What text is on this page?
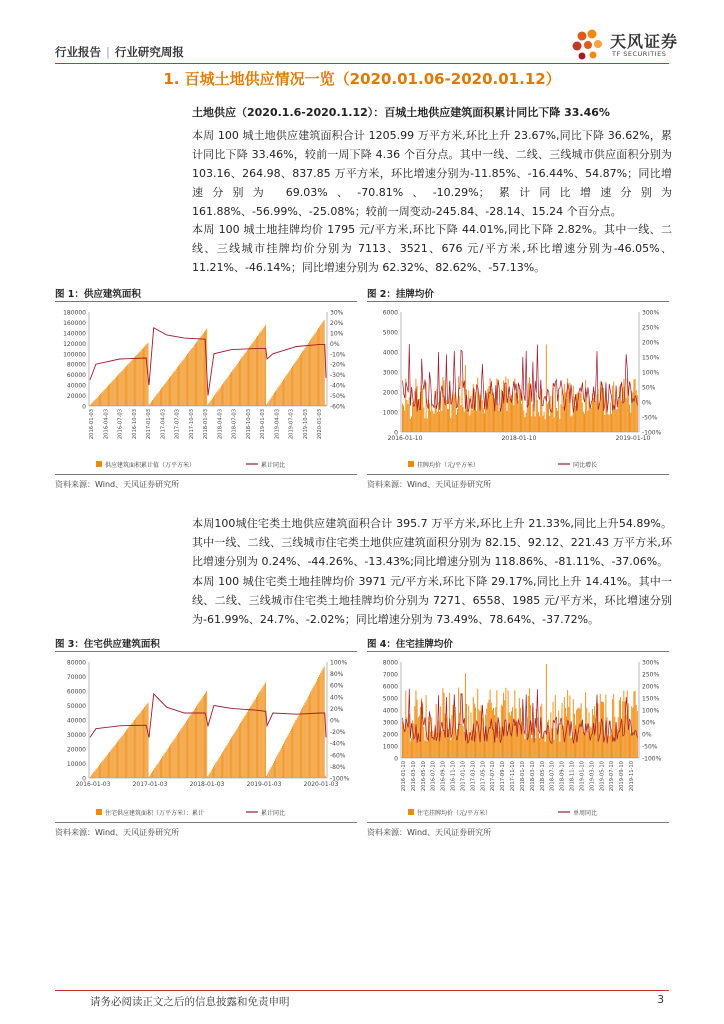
行业报告 | 行业研究周报
天风证券
TF SECURITIES
1. 百城土地供应情况一览（2020.01.06-2020.01.12）
土地供应（2020.1.6-2020.1.12）：百城土地供应建筑面积累计同比下降 33.46%
本周 100 城土地供应建筑面积合计 1205.99 万平方米,环比上升 23.67%,同比下降 36.62%，累计同比下降 33.46%，较前一周下降 4.36 个百分点。其中一线、二线、三线城市供应面积分别为 103.16、264.98、837.85 万平方米，环比增速分别为-11.85%、-16.44%、54.87%；同比增速分别为 69.03%、-70.81%、-10.29%；累计同比增速分别为 161.88%、-56.99%、-25.08%；较前一周变动-245.84、-28.14、15.24 个百分点。
本周 100 城土地挂牌均价 1795 元/平方米,环比下降 44.01%,同比下降 2.82%。其中一线、二线、三线城市挂牌均价分别为 7113、3521、676 元/平方米,环比增速分别为-46.05%、11.21%、-46.14%；同比增速分别为 62.32%、82.62%、-57.13%。
图 1：供应建筑面积
180000
160000
140000
120000
100000
80000
60000
40000
20000
0
30%
20%
10%
0%
-10%
-20%
-30%
-40%
-50%
-60%
2016-01-03 2016-04-03 2016-07-03 2016-10-03 2017-01-03 2017-04-03 2017-07-03 2017-10-03 2018-01-03 2018-04-03 2018-07-03 2018-10-03 2019-01-03 2019-04-03 2019-07-03 2019-10-03 2020-01-03
供应建筑面积累计值（万平方米）	累计同比
资料来源：Wind、天风证券研究所
图 2：挂牌均价
6000
5000
4000
3000
2000
1000
0
300%
250%
200%
150%
100%
50%
0%
-50%
-100%
2016-01-10	2018-01-10	2019-01-10
挂牌均价（元/平方米）	同比增长
资料来源：Wind、天风证券研究所
本周100城住宅类土地供应建筑面积合计 395.7 万平方米,环比上升 21.33%,同比上升54.89%。其中一线、二线、三线城市住宅类土地供应建筑面积分别为 82.15、92.12、221.43 万平方米,环比增速分别为 0.24%、-44.26%、-13.43%;同比增速分别为 118.86%、-81.11%、-37.06%。
本周 100 城住宅类土地挂牌均价 3971 元/平方米,环比下降 29.17%,同比上升 14.41%。其中一线、二线、三线城市住宅类土地挂牌均价分别为 7271、6558、1985 元/平方米，环比增速分别为-61.99%、24.7%、-2.02%；同比增速分别为 73.49%、78.64%、-37.72%。
图 3：住宅供应建筑面积
80000
70000
60000
50000
40000
30000
20000
10000
0
100%
80%
60%
40%
20%
0%
-20%
-40%
-60%
-80%
-100%
2016-01-03	2017-01-03	2018-01-03	2019-01-03	2020-01-03
住宅供应建筑面积（万平方米）：累计	累计同比
资料来源：Wind、天风证券研究所
图 4：住宅挂牌均价
8000
7000
6000
5000
4000
3000
2000
1000
0
300%
250%
200%
150%
100%
50%
0%
-50%
-100%
2016-01-10 2016-03-10 2016-05-10 2016-07-10 2016-09-10 2016-11-10 2017-01-10 2017-03-10 2017-05-10 2017-07-10 2017-09-10 2017-11-10 2018-01-10 2018-03-10 2018-05-10 2018-07-10 2018-09-10 2018-11-10 2019-01-10 2019-03-10 2019-05-10 2019-07-10 2019-09-10 2019-11-10
住宅挂牌均价（元/平方米）	单周同比
资料来源：Wind、天风证券研究所
请务必阅读正文之后的信息披露和免责申明	3
